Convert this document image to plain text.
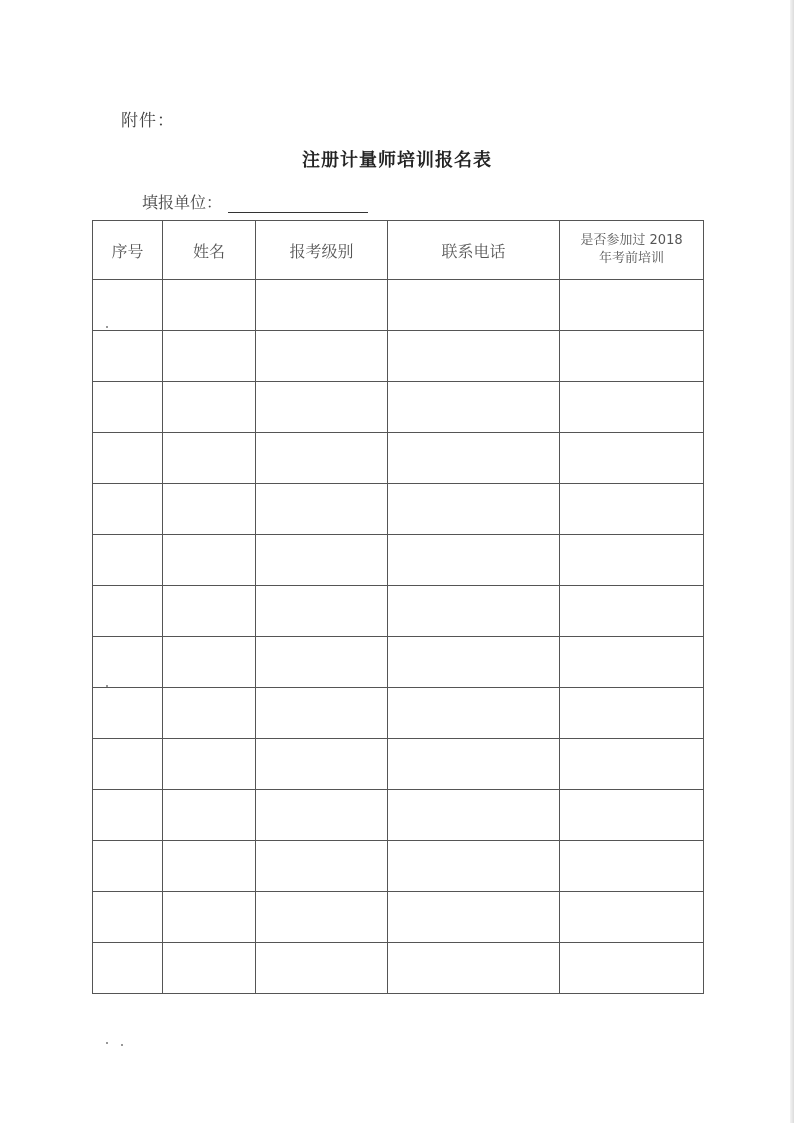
附件：
注册计量师培训报名表
填报单位：
序号	姓名	报考级别	联系电话	是否参加过 2018
年考前培训
